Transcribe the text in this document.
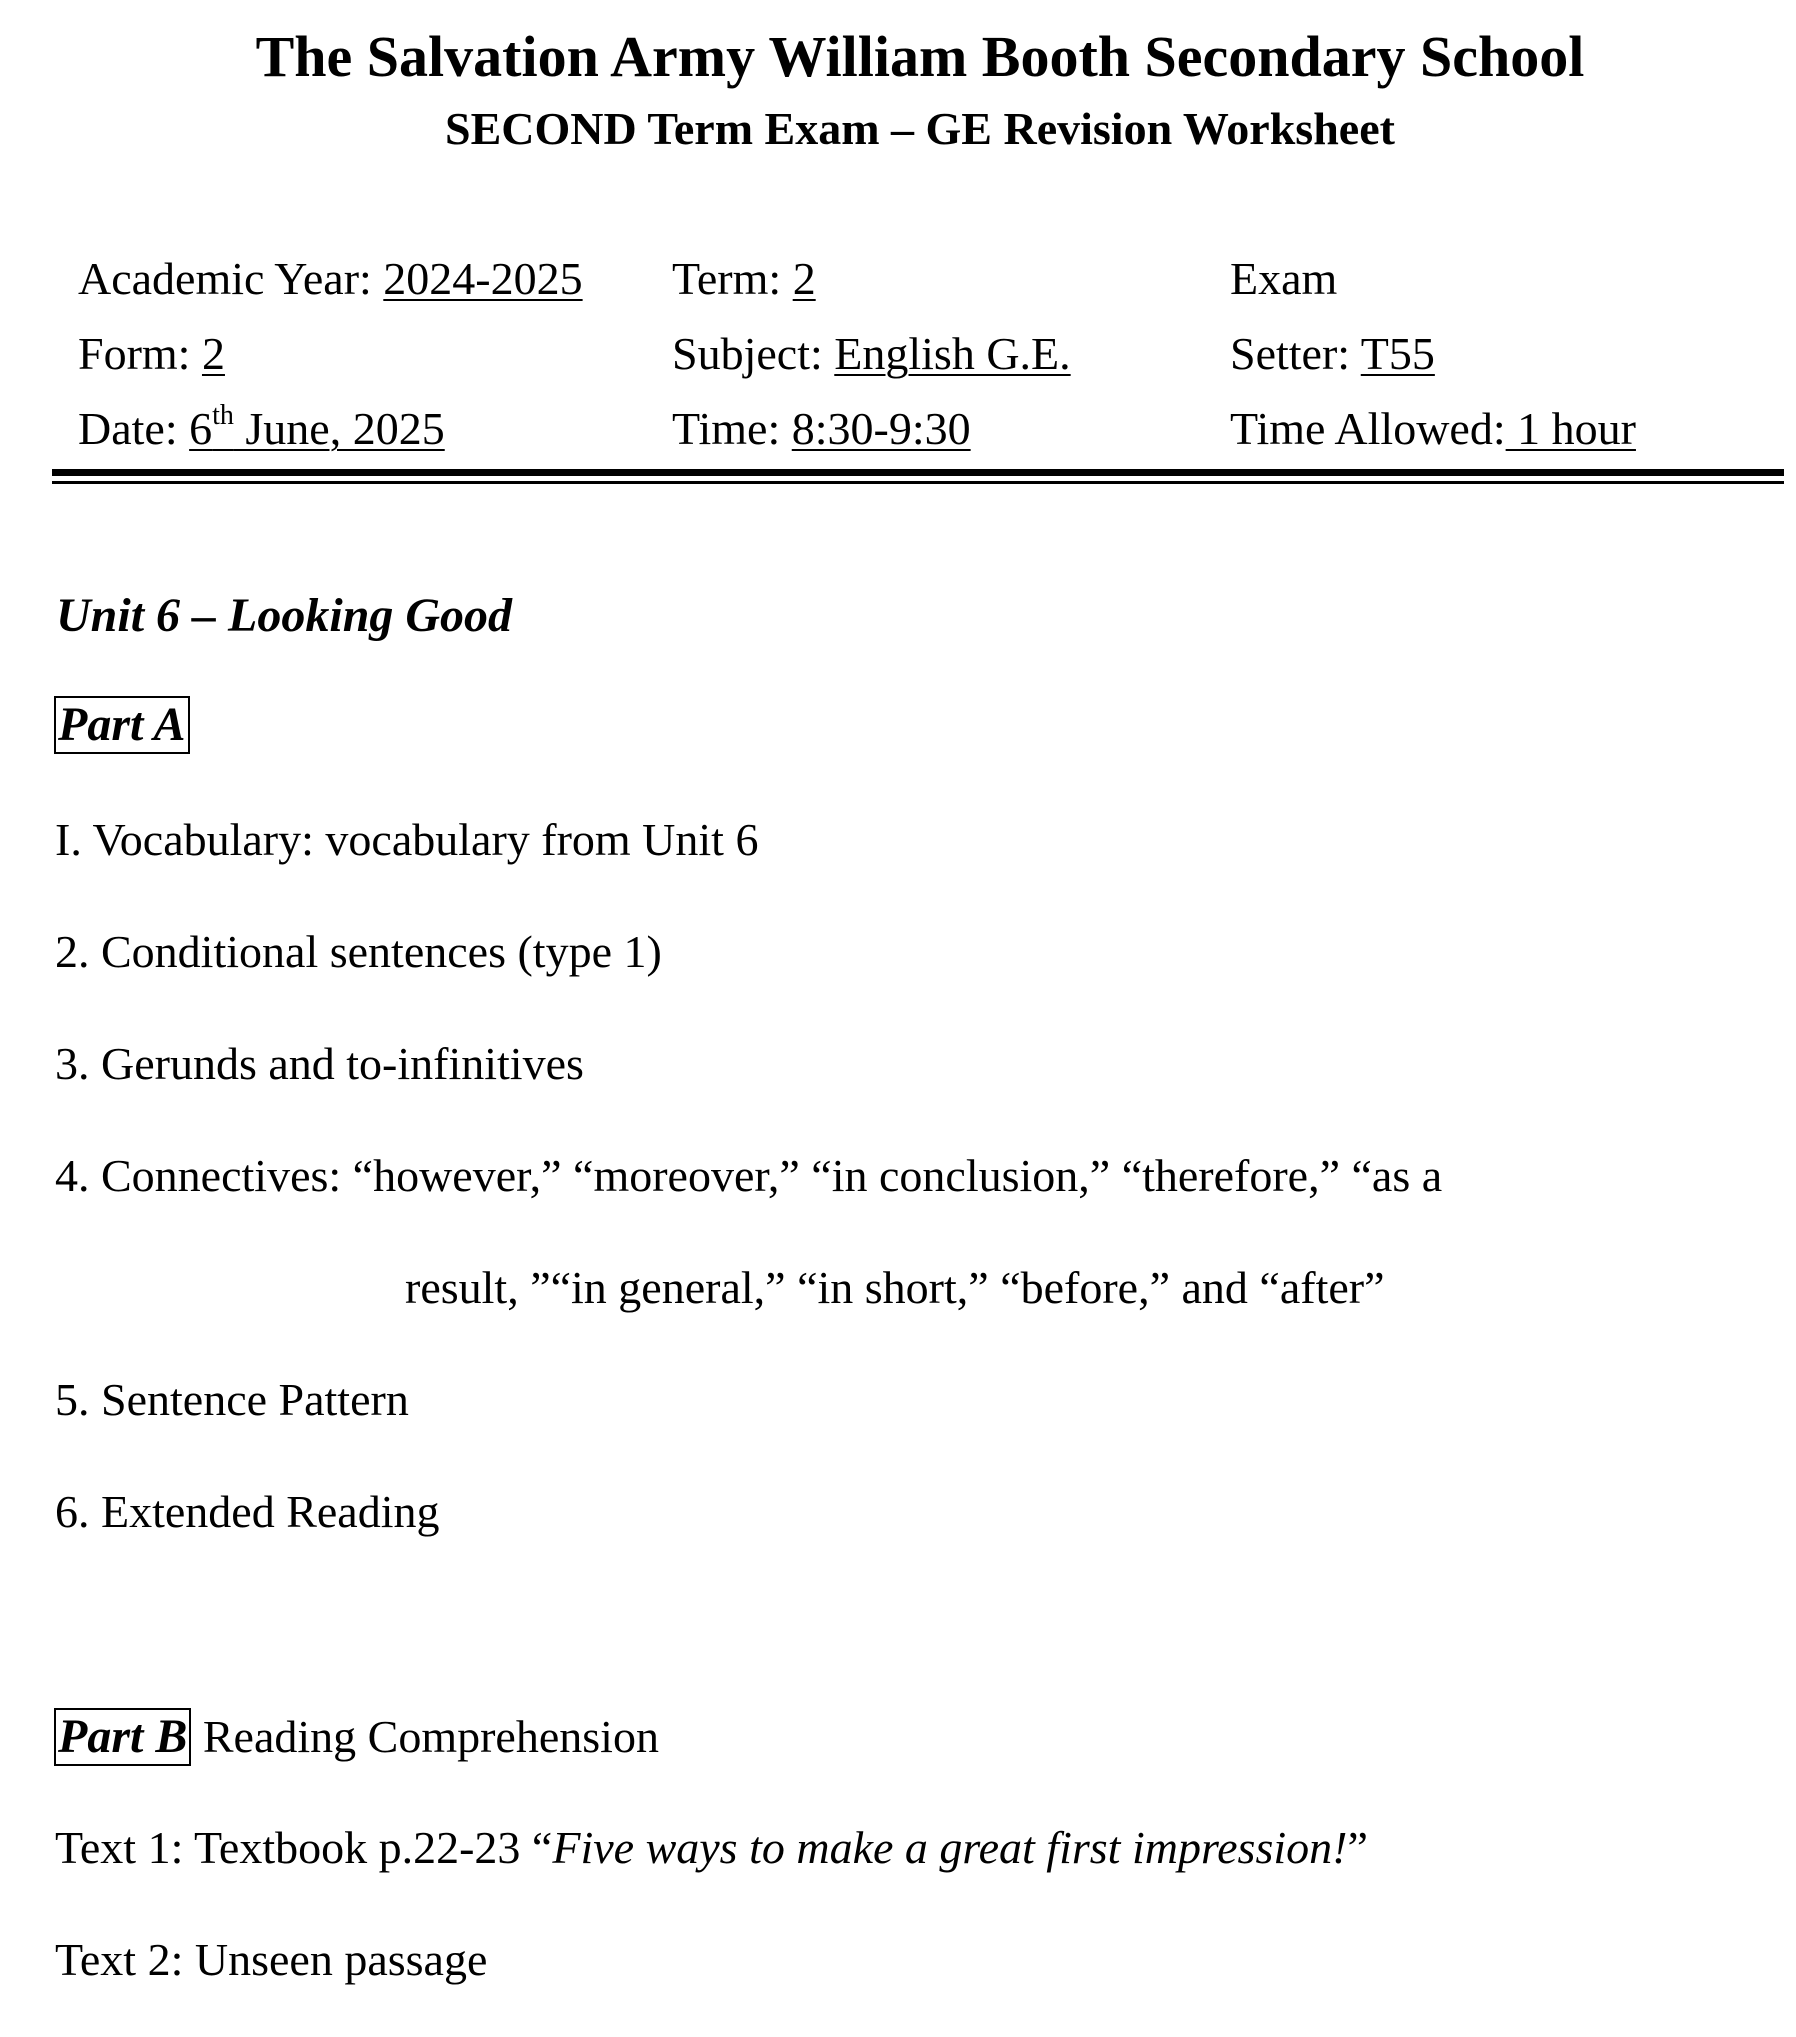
The Salvation Army William Booth Secondary School
SECOND Term Exam – GE Revision Worksheet
Academic Year: 2024-2025 Term: 2	Exam
Form: 2	Subject: English G.E.	Setter: T55
Date: 6th June, 2025	Time: 8:30-9:30	Time Allowed: 1 hour
Unit 6 – Looking Good
Part A
I. Vocabulary: vocabulary from Unit 6
2. Conditional sentences (type 1)
3. Gerunds and to-infinitives
4. Connectives: “however,” “moreover,” “in conclusion,” “therefore,” “as a
result, ”“in general,” “in short,” “before,” and “after”
5. Sentence Pattern
6. Extended Reading
Part B Reading Comprehension
Text 1: Textbook p.22-23 “Five ways to make a great first impression!”
Text 2: Unseen passage
